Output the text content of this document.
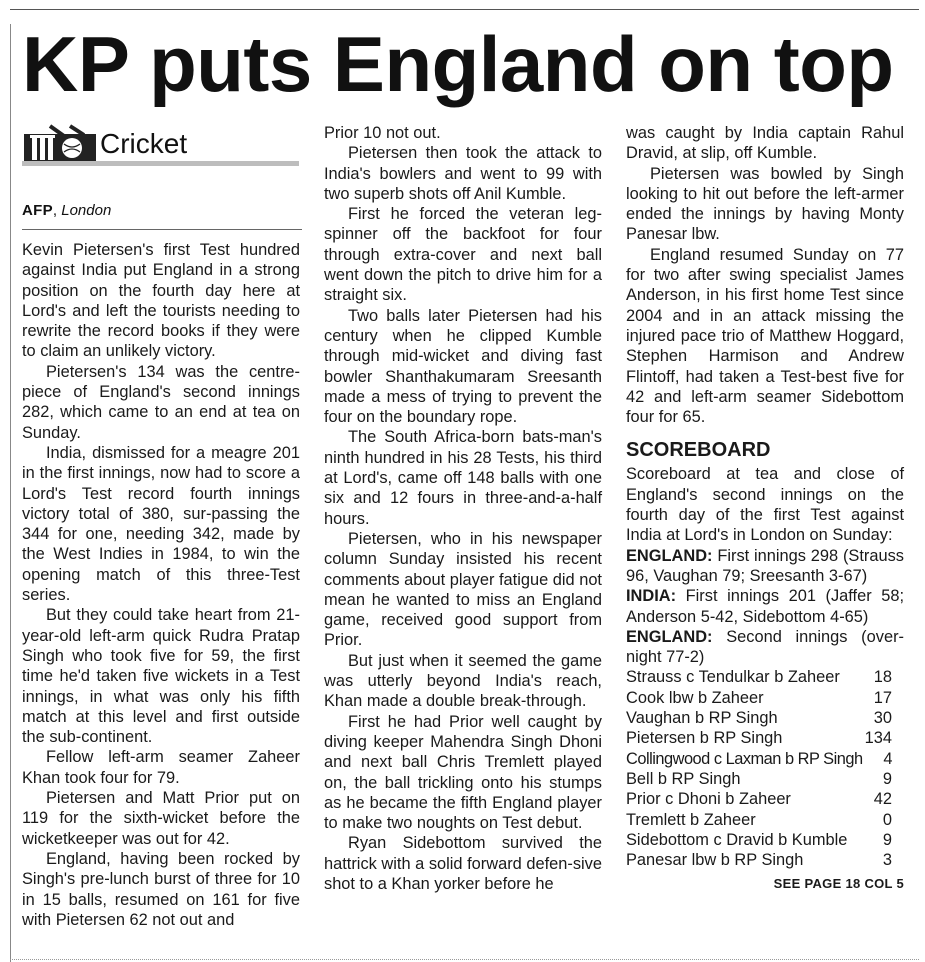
KP puts England on top
Cricket
AFP, London

Kevin Pietersen's first Test hundred against India put England in a strong position on the fourth day here at Lord's and left the tourists needing to rewrite the record books if they were to claim an unlikely victory.

Pietersen's 134 was the centre-piece of England's second innings 282, which came to an end at tea on Sunday.

India, dismissed for a meagre 201 in the first innings, now had to score a Lord's Test record fourth innings victory total of 380, sur-passing the 344 for one, needing 342, made by the West Indies in 1984, to win the opening match of this three-Test series.

But they could take heart from 21-year-old left-arm quick Rudra Pratap Singh who took five for 59, the first time he'd taken five wickets in a Test innings, in what was only his fifth match at this level and first outside the sub-continent.

Fellow left-arm seamer Zaheer Khan took four for 79.

Pietersen and Matt Prior put on 119 for the sixth-wicket before the wicketkeeper was out for 42.

England, having been rocked by Singh's pre-lunch burst of three for 10 in 15 balls, resumed on 161 for five with Pietersen 62 not out and

Prior 10 not out.

Pietersen then took the attack to India's bowlers and went to 99 with two superb shots off Anil Kumble.

First he forced the veteran leg-spinner off the backfoot for four through extra-cover and next ball went down the pitch to drive him for a straight six.

Two balls later Pietersen had his century when he clipped Kumble through mid-wicket and diving fast bowler Shanthakumaram Sreesanth made a mess of trying to prevent the four on the boundary rope.

The South Africa-born bats-man's ninth hundred in his 28 Tests, his third at Lord's, came off 148 balls with one six and 12 fours in three-and-a-half hours.

Pietersen, who in his newspaper column Sunday insisted his recent comments about player fatigue did not mean he wanted to miss an England game, received good support from Prior.

But just when it seemed the game was utterly beyond India's reach, Khan made a double break-through.

First he had Prior well caught by diving keeper Mahendra Singh Dhoni and next ball Chris Tremlett played on, the ball trickling onto his stumps as he became the fifth England player to make two noughts on Test debut.

Ryan Sidebottom survived the hattrick with a solid forward defen-sive shot to a Khan yorker before he

was caught by India captain Rahul Dravid, at slip, off Kumble.

Pietersen was bowled by Singh looking to hit out before the left-armer ended the innings by having Monty Panesar lbw.

England resumed Sunday on 77 for two after swing specialist James Anderson, in his first home Test since 2004 and in an attack missing the injured pace trio of Matthew Hoggard, Stephen Harmison and Andrew Flintoff, had taken a Test-best five for 42 and left-arm seamer Sidebottom four for 65.

SCOREBOARD

Scoreboard at tea and close of England's second innings on the fourth day of the first Test against India at Lord's in London on Sunday:

ENGLAND: First innings 298 (Strauss 96, Vaughan 79; Sreesanth 3-67)

INDIA: First innings 201 (Jaffer 58; Anderson 5-42, Sidebottom 4-65)

ENGLAND: Second innings (over-night 77-2)

Strauss c Tendulkar b Zaheer 18
Cook lbw b Zaheer	17
Vaughan b RP Singh	30
Pietersen b RP Singh	134
Collingwood c Laxman b RP Singh 4
Bell b RP Singh	9
Prior c Dhoni b Zaheer	42
Tremlett b Zaheer	0
Sidebottom c Dravid b Kumble 9
Panesar lbw b RP Singh	3
SEE PAGE 18 COL 5
